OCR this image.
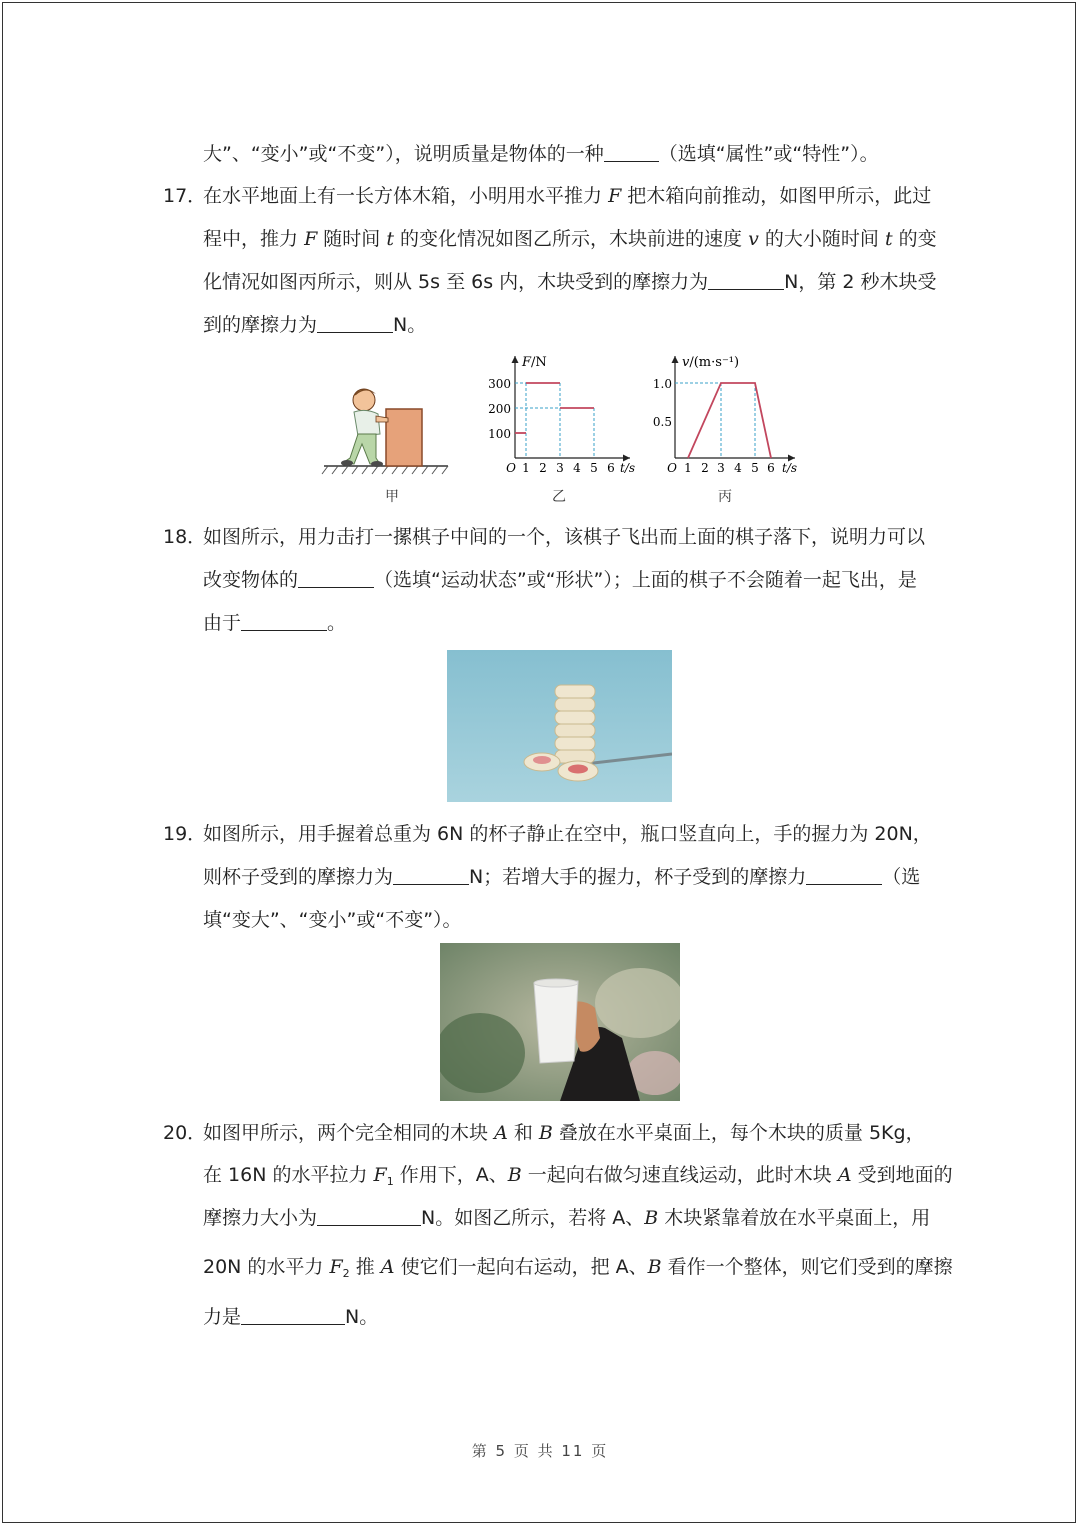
大”、“变小”或“不变”），说明质量是物体的一种	（选填“属性”或“特性”）。
17．
在水平地面上有一长方体木箱，小明用水平推力 F 把木箱向前推动，如图甲所示，此过
程中，推力 F 随时间 t 的变化情况如图乙所示，木块前进的速度 v 的大小随时间 t 的变
化情况如图丙所示，则从 5s 至 6s 内，木块受到的摩擦力为	N，第 2 秒木块受
到的摩擦力为	N。
甲
F/N
300
200
100
O 1 2 3 4 5 6 t/s
乙
v/(m·s⁻¹)
1.0
0.5
O 1 2 3 4 5 6 t/s
丙
18．
如图所示，用力击打一摞棋子中间的一个，该棋子飞出而上面的棋子落下，说明力可以
改变物体的	（选填“运动状态”或“形状”）；上面的棋子不会随着一起飞出，是
由于	。
19．
如图所示，用手握着总重为 6N 的杯子静止在空中，瓶口竖直向上，手的握力为 20N，
则杯子受到的摩擦力为	N；若增大手的握力，杯子受到的摩擦力	（选
填“变大”、“变小”或“不变”）。
20．
如图甲所示，两个完全相同的木块 A 和 B 叠放在水平桌面上，每个木块的质量 5Kg，
在 16N 的水平拉力 $F_1$ 作用下，A、B 一起向右做匀速直线运动，此时木块 A 受到地面的
摩擦力大小为	N。如图乙所示，若将 A、B 木块紧靠着放在水平桌面上，用
20N 的水平力 $F_2$ 推 A 使它们一起向右运动，把 A、B 看作一个整体，则它们受到的摩擦
力是	N。
第 5 页 共 11 页
